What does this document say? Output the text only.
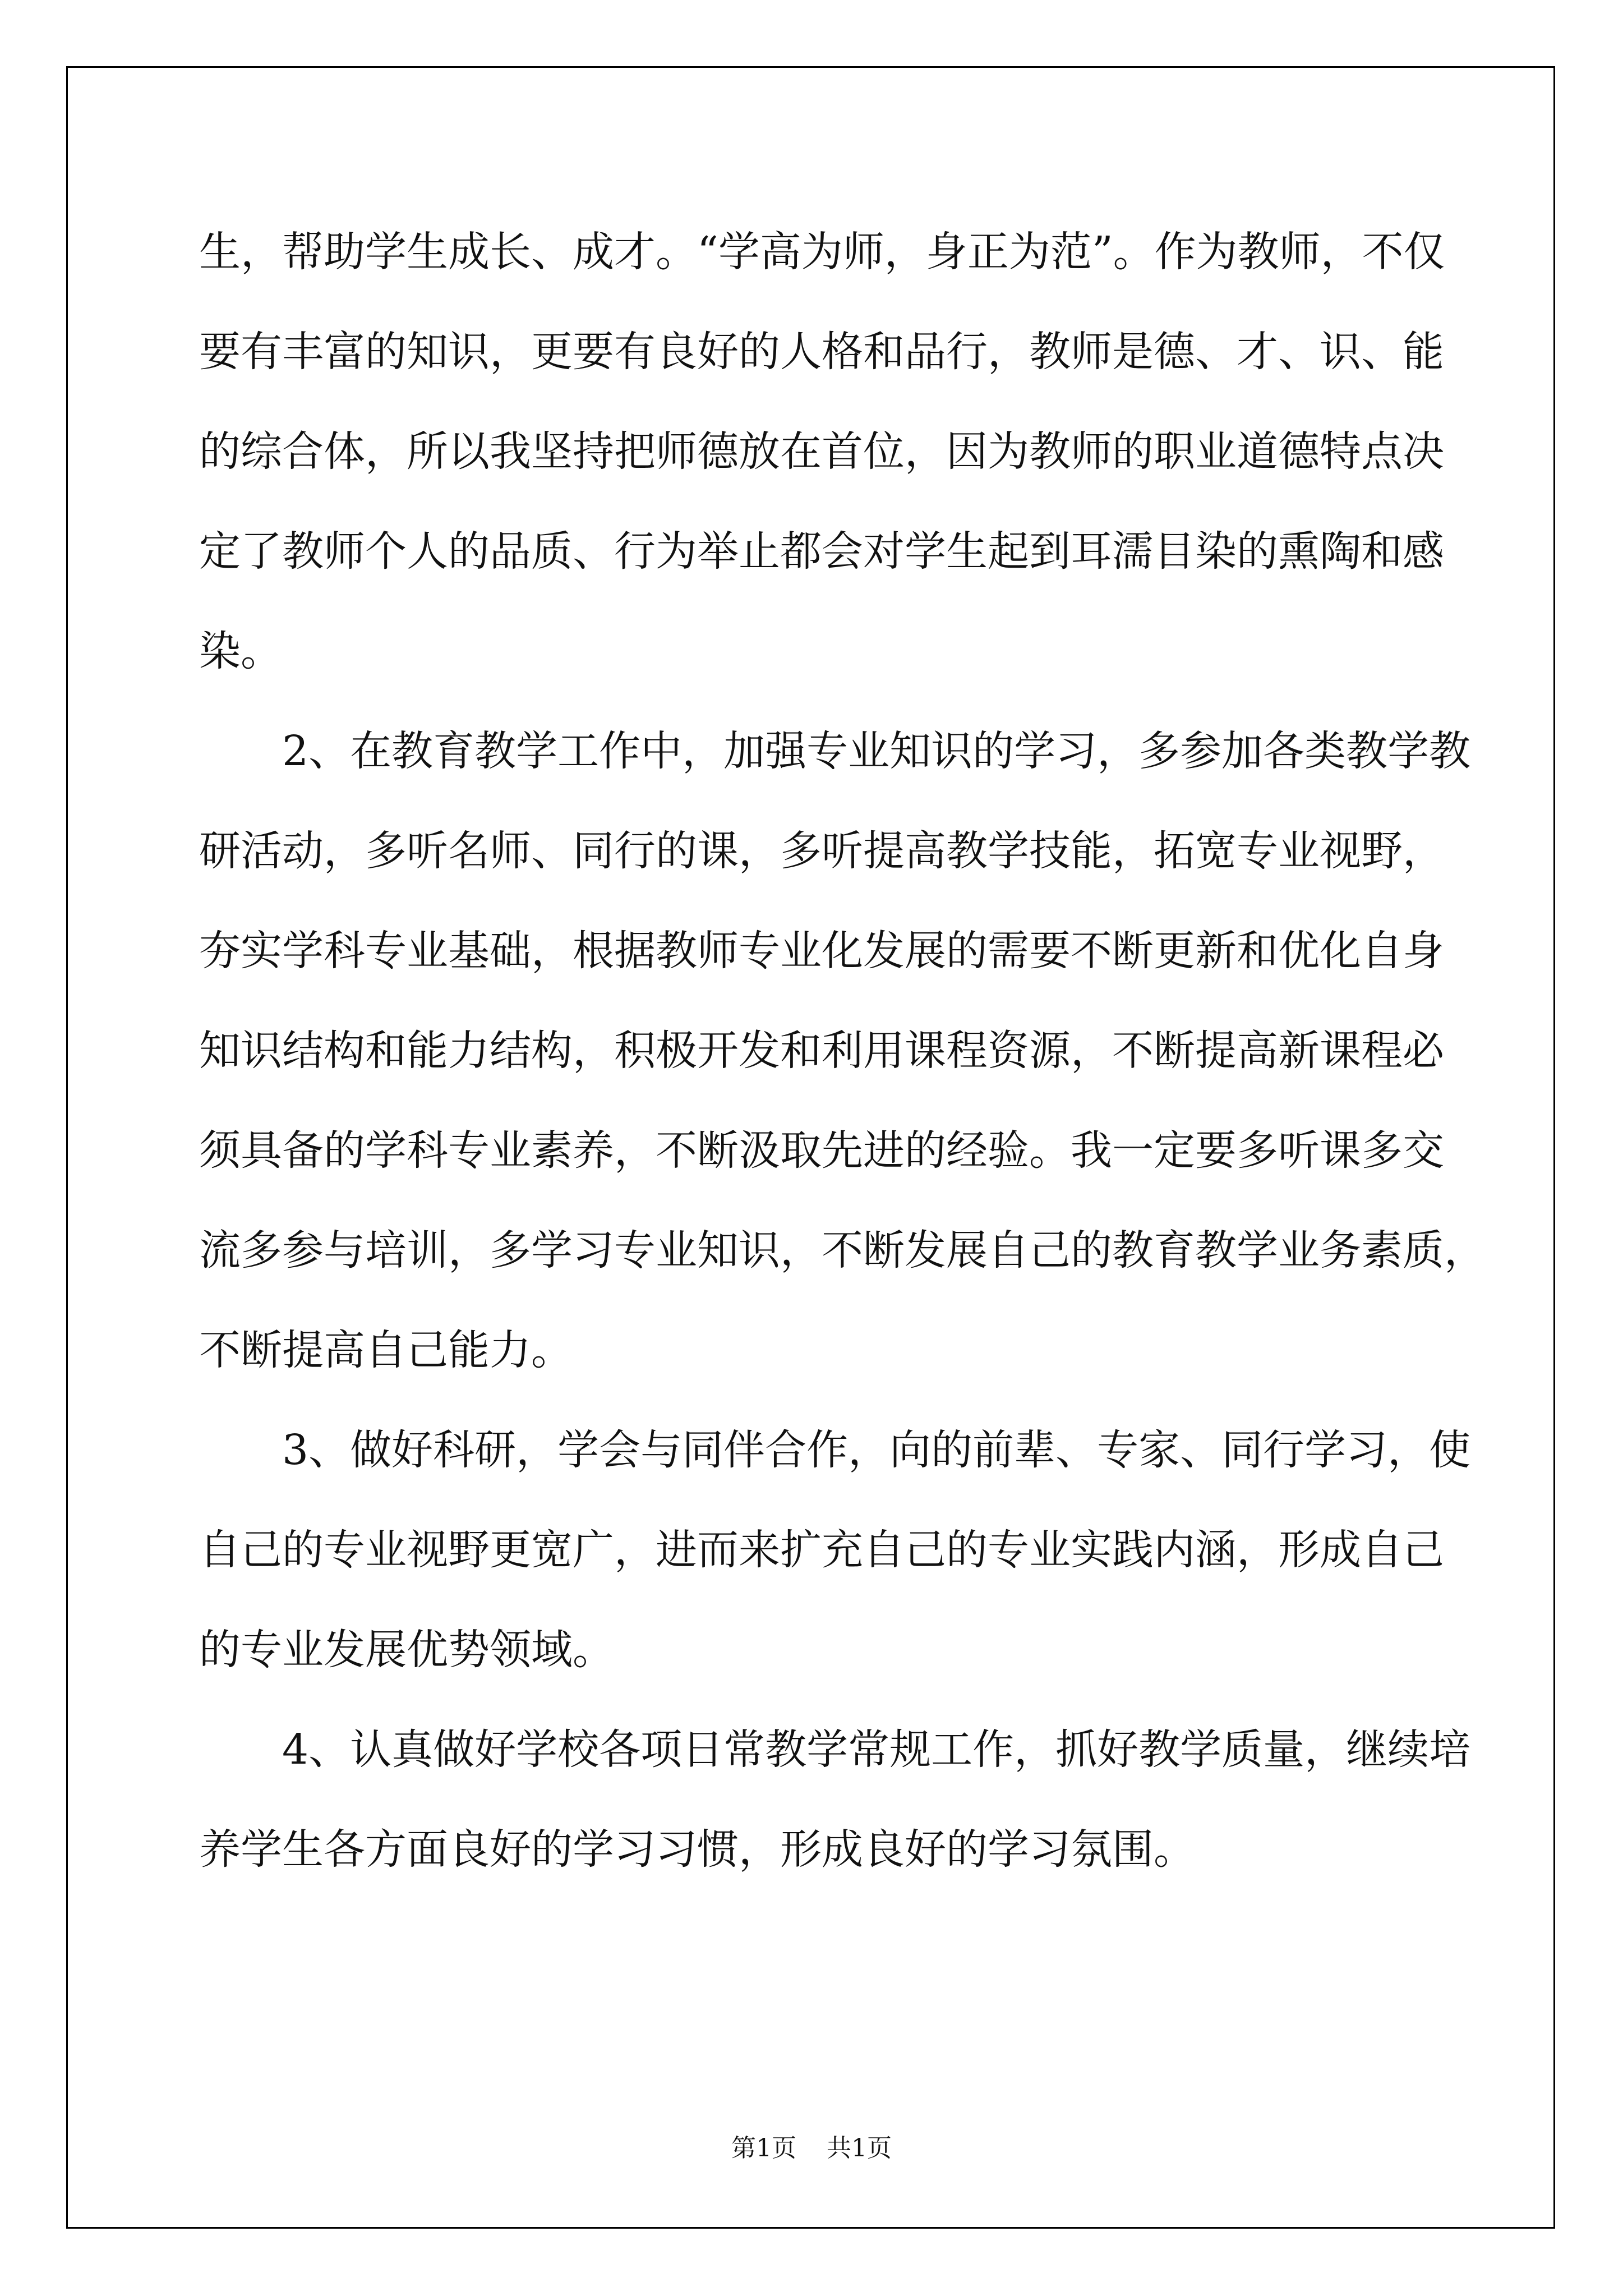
生，帮助学生成长、成才。“学高为师，身正为范”。作为教师，不仅
要有丰富的知识，更要有良好的人格和品行，教师是德、才、识、能
的综合体，所以我坚持把师德放在首位，因为教师的职业道德特点决
定了教师个人的品质、行为举止都会对学生起到耳濡目染的熏陶和感
染。
2、在教育教学工作中，加强专业知识的学习，多参加各类教学教
研活动，多听名师、同行的课，多听提高教学技能，拓宽专业视野，
夯实学科专业基础，根据教师专业化发展的需要不断更新和优化自身
知识结构和能力结构，积极开发和利用课程资源，不断提高新课程必
须具备的学科专业素养，不断汲取先进的经验。我一定要多听课多交
流多参与培训，多学习专业知识，不断发展自己的教育教学业务素质，
不断提高自己能力。
3、做好科研，学会与同伴合作，向的前辈、专家、同行学习，使
自己的专业视野更宽广，进而来扩充自己的专业实践内涵，形成自己
的专业发展优势领域。
4、认真做好学校各项日常教学常规工作，抓好教学质量，继续培
养学生各方面良好的学习习惯，形成良好的学习氛围。
第1页 共1页
